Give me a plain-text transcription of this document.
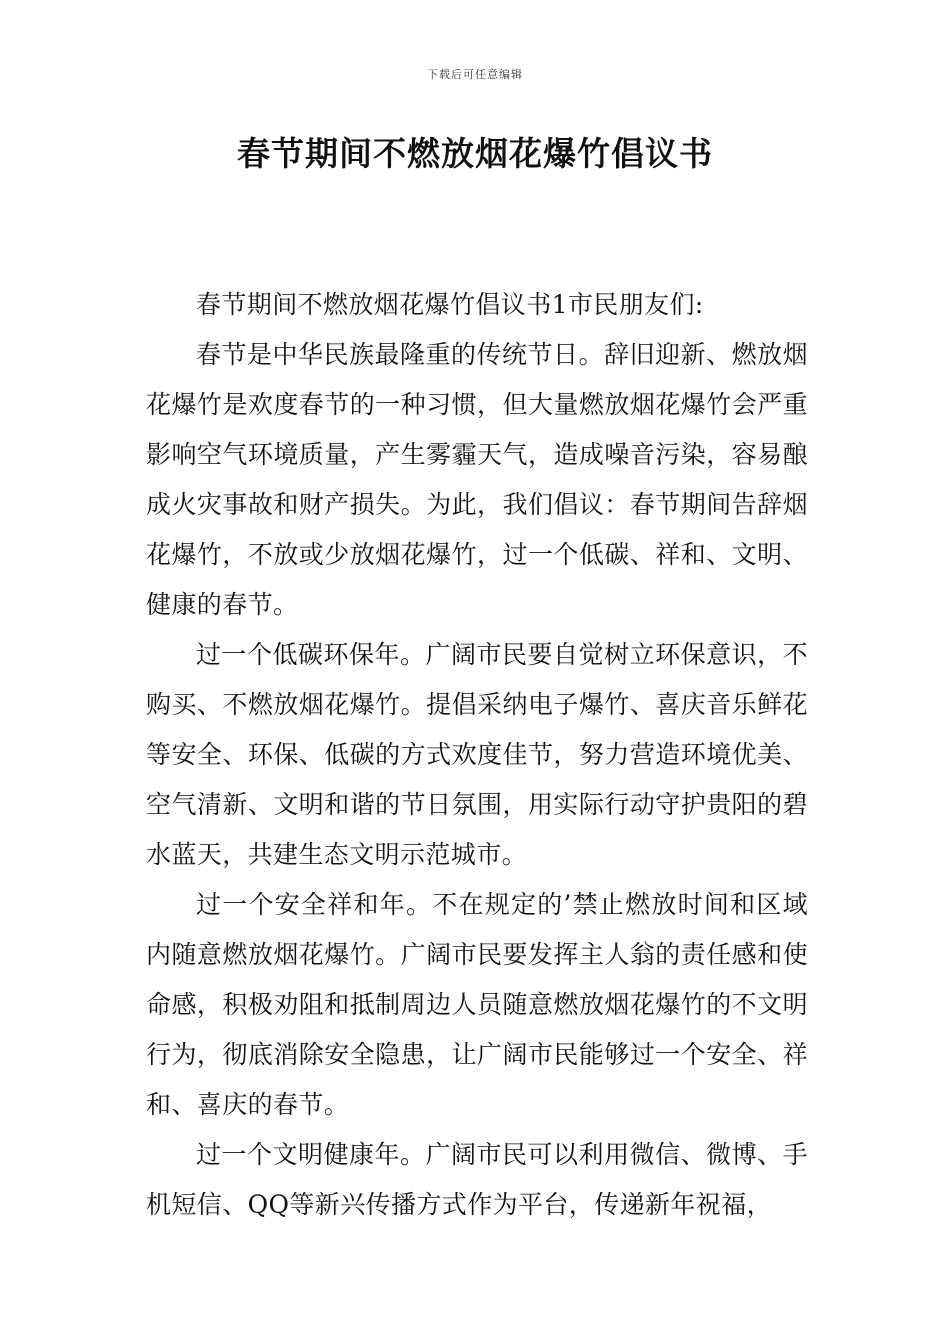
下载后可任意编辑
春节期间不燃放烟花爆竹倡议书

春节期间不燃放烟花爆竹倡议书1市民朋友们:

春节是中华民族最隆重的传统节日。辞旧迎新、燃放烟花爆竹是欢度春节的一种习惯，但大量燃放烟花爆竹会严重影响空气环境质量，产生雾霾天气，造成噪音污染，容易酿成火灾事故和财产损失。为此，我们倡议：春节期间告辞烟花爆竹，不放或少放烟花爆竹，过一个低碳、祥和、文明、健康的春节。

过一个低碳环保年。广阔市民要自觉树立环保意识，不购买、不燃放烟花爆竹。提倡采纳电子爆竹、喜庆音乐鲜花等安全、环保、低碳的方式欢度佳节，努力营造环境优美、空气清新、文明和谐的节日氛围，用实际行动守护贵阳的碧水蓝天，共建生态文明示范城市。

过一个安全祥和年。不在规定的’禁止燃放时间和区域内随意燃放烟花爆竹。广阔市民要发挥主人翁的责任感和使命感，积极劝阻和抵制周边人员随意燃放烟花爆竹的不文明行为，彻底消除安全隐患，让广阔市民能够过一个安全、祥和、喜庆的春节。

过一个文明健康年。广阔市民可以利用微信、微博、手机短信、QQ等新兴传播方式作为平台，传递新年祝福，
